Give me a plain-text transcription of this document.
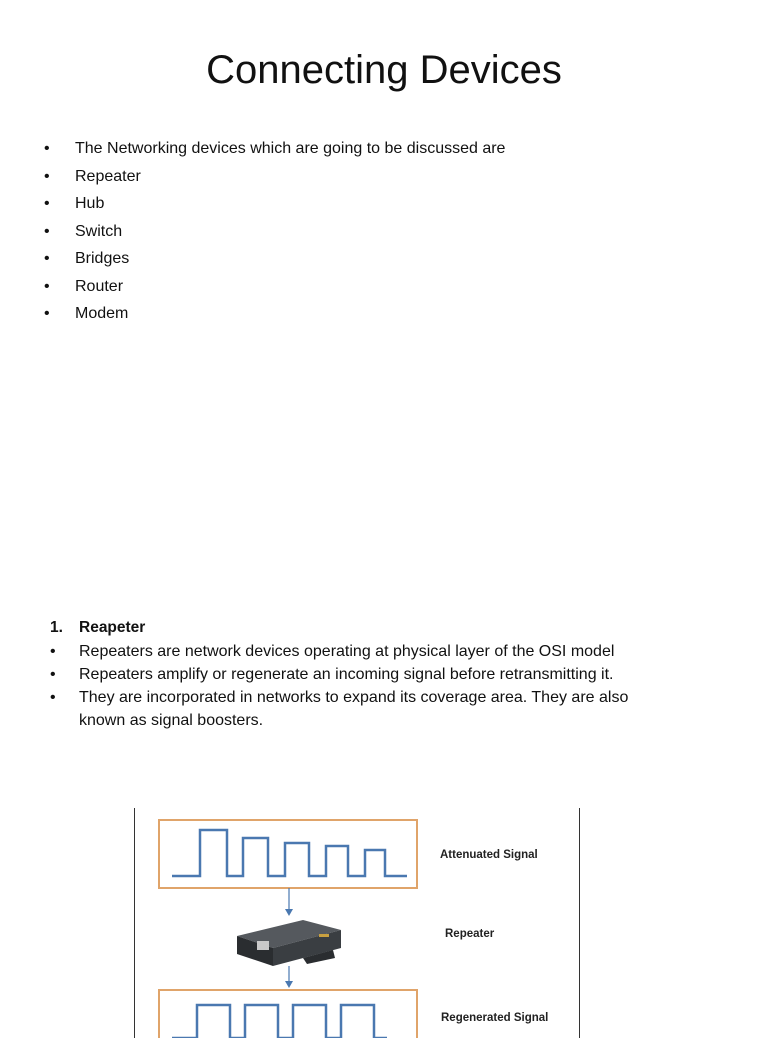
Connecting Devices
• The Networking devices which are going to be discussed are
• Repeater
• Hub
• Switch
• Bridges
• Router
• Modem
1. Reapeter
• Repeaters are network devices operating at physical layer of the OSI model
• Repeaters amplify or regenerate an incoming signal before retransmitting it.
• They are incorporated in networks to expand its coverage area. They are also known as signal boosters.
Attenuated Signal
Repeater
Regenerated Signal
